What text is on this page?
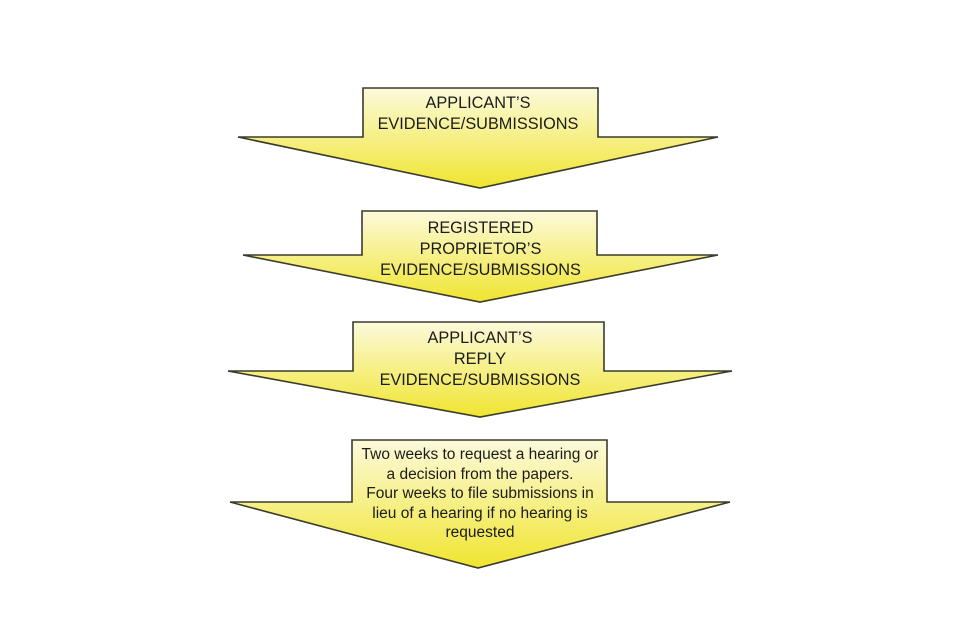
APPLICANT’S
EVIDENCE/SUBMISSIONS
REGISTERED
PROPRIETOR’S
EVIDENCE/SUBMISSIONS
APPLICANT’S
REPLY
EVIDENCE/SUBMISSIONS
Two weeks to request a hearing or
a decision from the papers.
Four weeks to file submissions in
lieu of a hearing if no hearing is
requested
